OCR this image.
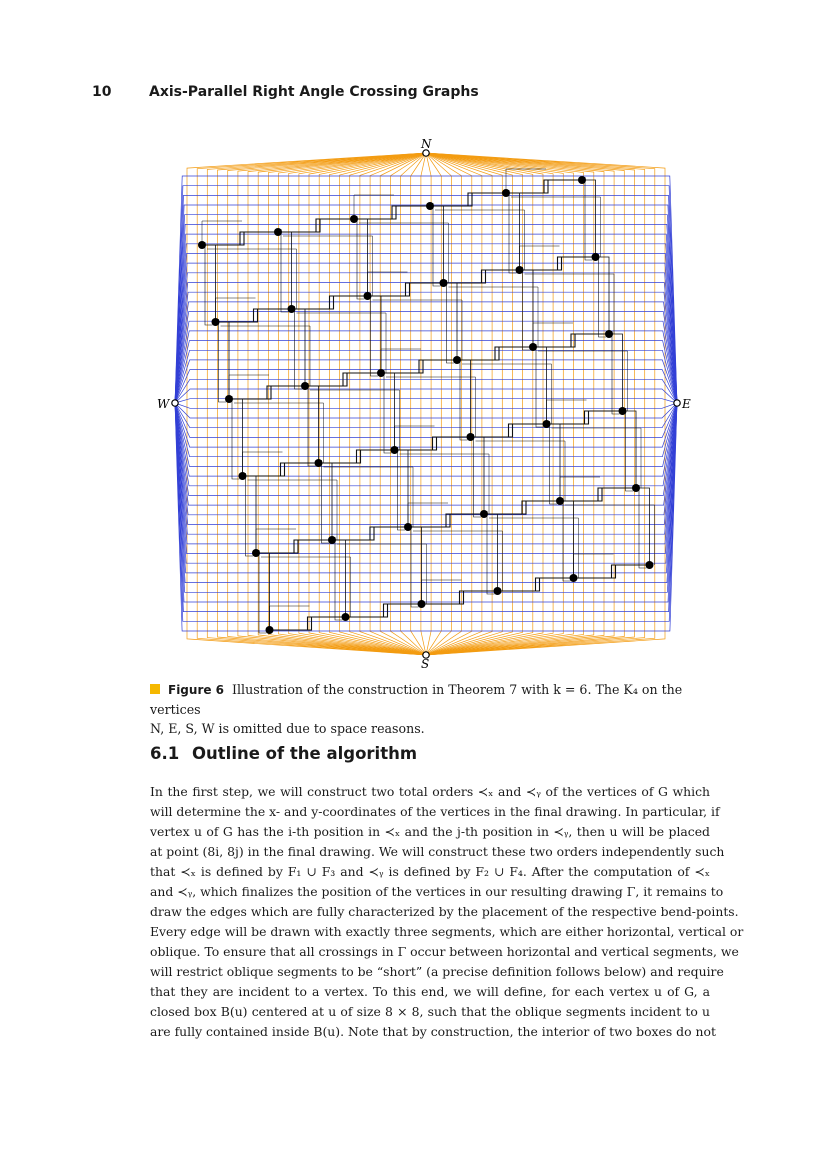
10	Axis-Parallel Right Angle Crossing Graphs
N
S
W	E
Figure 6 Illustration of the construction in Theorem 7 with k = 6. The K₄ on the vertices
N, E, S, W is omitted due to space reasons.
6.1 Outline of the algorithm
In the first step, we will construct two total orders ≺ₓ and ≺ᵧ of the vertices of G which
will determine the x- and y-coordinates of the vertices in the final drawing. In particular, if
vertex u of G has the i-th position in ≺ₓ and the j-th position in ≺ᵧ, then u will be placed
at point (8i, 8j) in the final drawing. We will construct these two orders independently such
that ≺ₓ is defined by F₁ ∪ F₃ and ≺ᵧ is defined by F₂ ∪ F₄. After the computation of ≺ₓ
and ≺ᵧ, which finalizes the position of the vertices in our resulting drawing Γ, it remains to
draw the edges which are fully characterized by the placement of the respective bend-points.
Every edge will be drawn with exactly three segments, which are either horizontal, vertical or
oblique. To ensure that all crossings in Γ occur between horizontal and vertical segments, we
will restrict oblique segments to be “short” (a precise definition follows below) and require
that they are incident to a vertex. To this end, we will define, for each vertex u of G, a
closed box B(u) centered at u of size 8 × 8, such that the oblique segments incident to u
are fully contained inside B(u). Note that by construction, the interior of two boxes do not
